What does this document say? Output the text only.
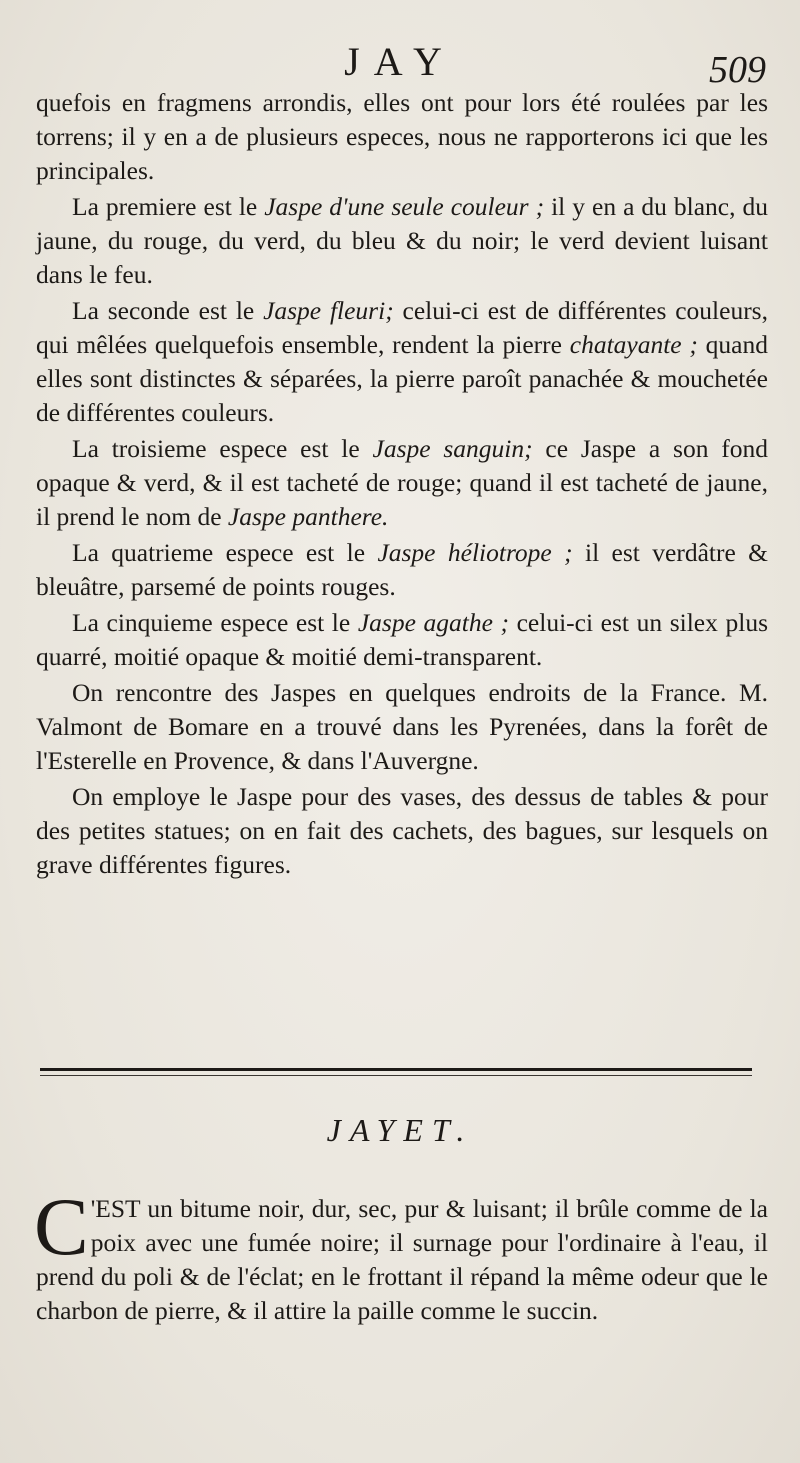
JAY	509

quefois en fragmens arrondis, elles ont pour lors été roulées par les torrens; il y en a de plusieurs especes, nous ne rapporterons ici que les principales.

La premiere est le Jaspe d'une seule couleur ; il y en a du blanc, du jaune, du rouge, du verd, du bleu & du noir; le verd devient luisant dans le feu.

La seconde est le Jaspe fleuri; celui-ci est de différentes couleurs, qui mêlées quelquefois ensemble, rendent la pierre chatayante ; quand elles sont distinctes & séparées, la pierre paroît panachée & mouchetée de différentes couleurs.

La troisieme espece est le Jaspe sanguin; ce Jaspe a son fond opaque & verd, & il est tacheté de rouge; quand il est tacheté de jaune, il prend le nom de Jaspe panthere.

La quatrieme espece est le Jaspe héliotrope ; il est verdâtre & bleuâtre, parsemé de points rouges.

La cinquieme espece est le Jaspe agathe ; celui-ci est un silex plus quarré, moitié opaque & moitié demi-transparent.

On rencontre des Jaspes en quelques endroits de la France. M. Valmont de Bomare en a trouvé dans les Pyrenées, dans la forêt de l'Esterelle en Provence, & dans l'Auvergne.

On employe le Jaspe pour des vases, des dessus de tables & pour des petites statues; on en fait des cachets, des bagues, sur lesquels on grave différentes figures.

JAYET.
C 'EST un bitume noir, dur, sec, pur & luisant; il brûle comme de la poix avec une fumée noire; il surnage pour l'ordinaire à l'eau, il prend du poli & de l'éclat; en le frottant il répand la même odeur que le charbon de pierre, & il attire la paille comme le succin.
